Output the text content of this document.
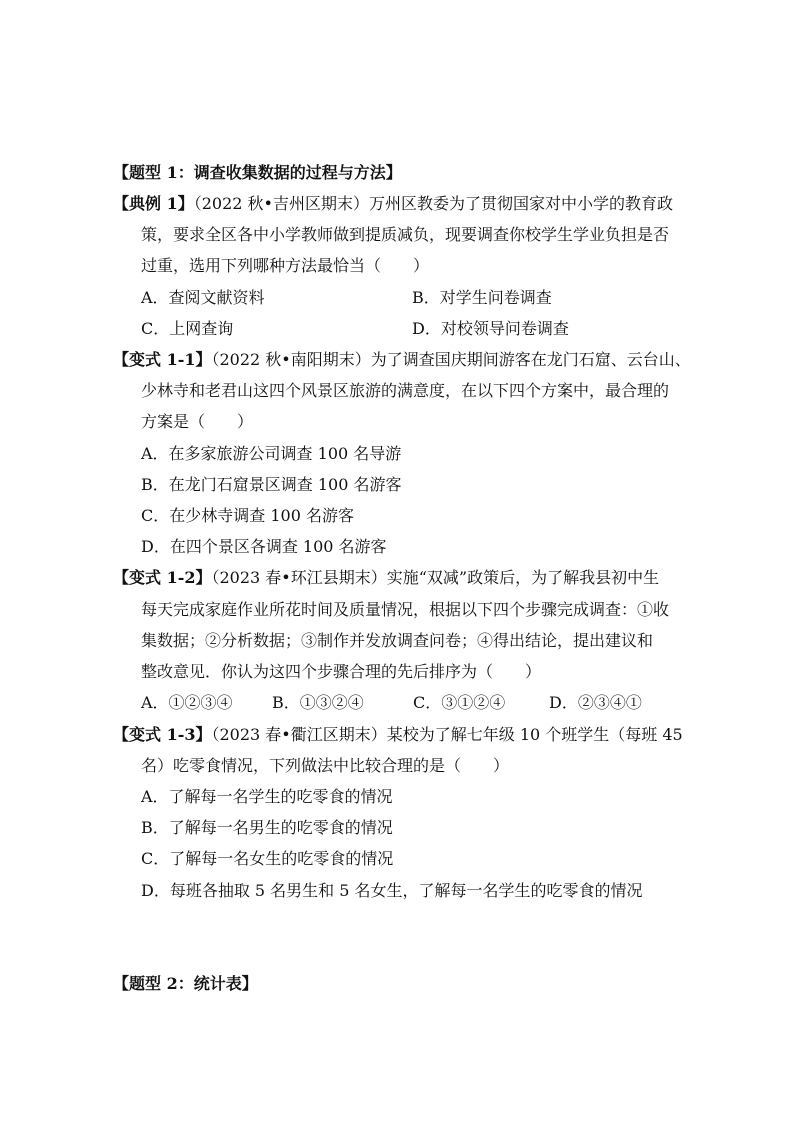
【题型 1：调查收集数据的过程与方法】
【典例 1】（2022 秋•吉州区期末）万州区教委为了贯彻国家对中小学的教育政
策，要求全区各中小学教师做到提质减负，现要调查你校学生学业负担是否
过重，选用下列哪种方法最恰当（　　）
A．查阅文献资料	B．对学生问卷调查
C．上网查询	D．对校领导问卷调查
【变式 1-1】（2022 秋•南阳期末）为了调查国庆期间游客在龙门石窟、云台山、
少林寺和老君山这四个风景区旅游的满意度，在以下四个方案中，最合理的
方案是（　　）
A．在多家旅游公司调查 100 名导游
B．在龙门石窟景区调查 100 名游客
C．在少林寺调查 100 名游客
D．在四个景区各调查 100 名游客
【变式 1-2】（2023 春•环江县期末）实施“双减”政策后，为了解我县初中生
每天完成家庭作业所花时间及质量情况，根据以下四个步骤完成调查：①收
集数据；②分析数据；③制作并发放调查问卷；④得出结论，提出建议和
整改意见．你认为这四个步骤合理的先后排序为（　　）
A．①②③④ B．①③②④	C．③①②④	D．②③④①
【变式 1-3】（2023 春•衢江区期末）某校为了解七年级 10 个班学生（每班 45
名）吃零食情况，下列做法中比较合理的是（　　）
A．了解每一名学生的吃零食的情况
B．了解每一名男生的吃零食的情况
C．了解每一名女生的吃零食的情况
D．每班各抽取 5 名男生和 5 名女生，了解每一名学生的吃零食的情况
【题型 2：统计表】
